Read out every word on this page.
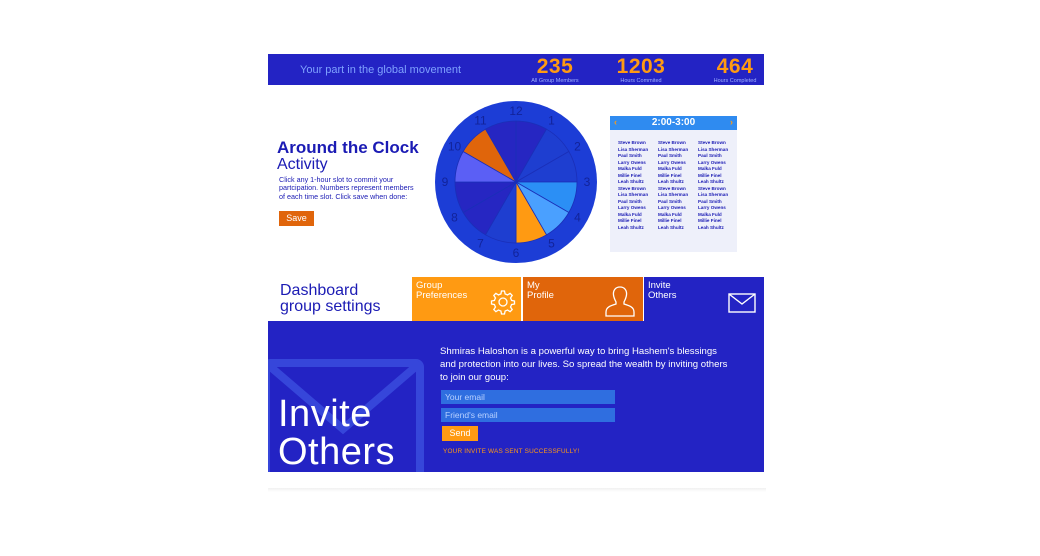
Your part in the global movement	235
All Group Members
1203
Hours Commited
464
Hours Completed
Around the Clock
Activity
Click any 1-hour slot to commit your partcipation. Numbers represent members of each time slot. Click save when done:
Save
12
1
2
3
4
5
6
7
8
9
10
11	‹	2:00-3:00	›
Steve Brown
Lisa Sherman
Paul Smith
Larry Owens
Malka Fuld
Millie Finel
Leah Shultz
Steve Brown
Lisa Sherman
Paul Smith
Larry Owens
Malka Fuld
Millie Finel
Leah Shultz
Steve Brown
Lisa Sherman
Paul Smith
Larry Owens
Malka Fuld
Millie Finel
Leah Shultz
Steve Brown
Lisa Sherman
Paul Smith
Larry Owens
Malka Fuld
Millie Finel
Leah Shultz
Steve Brown
Lisa Sherman
Paul Smith
Larry Owens
Malka Fuld
Millie Finel
Leah Shultz
Steve Brown
Lisa Sherman
Paul Smith
Larry Owens
Malka Fuld
Millie Finel
Leah Shultz
Dashboard
group settings
Group
Preferences
My
Profile
Invite
Others
Invite
Others
Shmiras Haloshon is a powerful way to bring Hashem's blessings and protection into our lives. So spread the wealth by inviting others to join our goup:
Your email
Friend's email
Send
YOUR INVITE WAS SENT SUCCESSFULLY!
